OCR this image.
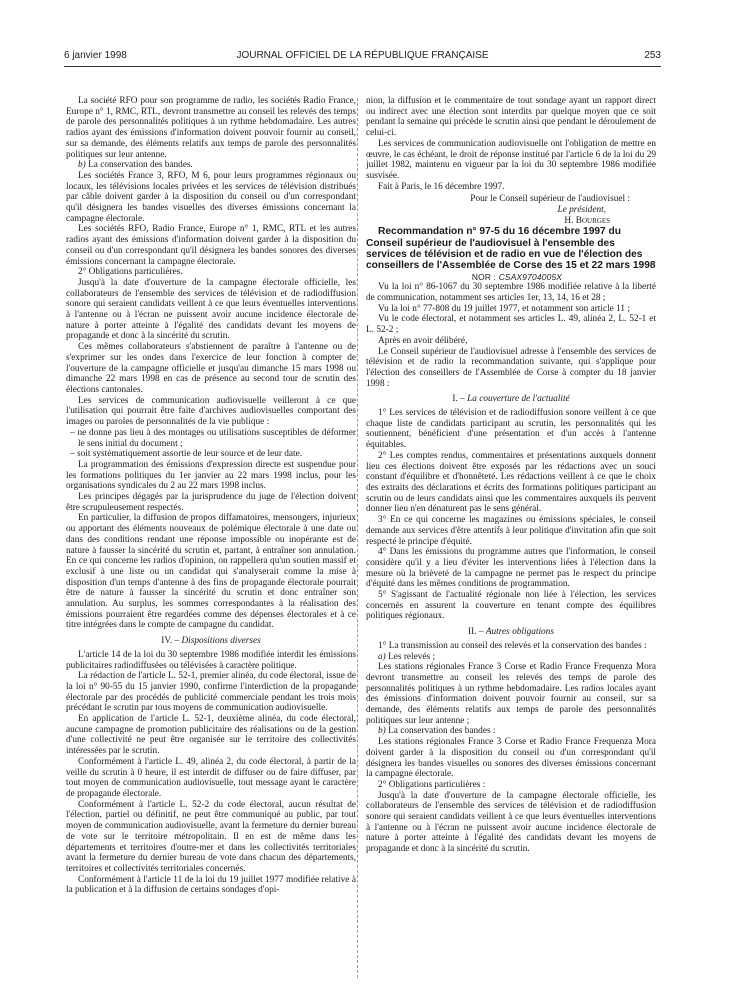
6 janvier 1998	JOURNAL OFFICIEL DE LA RÉPUBLIQUE FRANÇAISE	253

La société RFO pour son programme de radio, les sociétés Radio France, Europe n° 1, RMC, RTL, devront transmettre au conseil les relevés des temps de parole des personnalités politiques à un rythme hebdomadaire. Les autres radios ayant des émissions d'information doivent pouvoir fournir au conseil, sur sa demande, des éléments relatifs aux temps de parole des personnalités politiques sur leur antenne.

b) La conservation des bandes.

Les sociétés France 3, RFO, M 6, pour leurs programmes régionaux ou locaux, les télévisions locales privées et les services de télévision distribués par câble doivent garder à la disposition du conseil ou d'un correspondant qu'il désignera les bandes visuelles des diverses émissions concernant la campagne électorale.

Les sociétés RFO, Radio France, Europe n° 1, RMC, RTL et les autres radios ayant des émissions d'information doivent garder à la disposition du conseil ou d'un correspondant qu'il désignera les bandes sonores des diverses émissions concernant la campagne électorale.

2° Obligations particulières.

Jusqu'à la date d'ouverture de la campagne électorale officielle, les collaborateurs de l'ensemble des services de télévision et de radiodiffusion sonore qui seraient candidats veillent à ce que leurs éventuelles interventions à l'antenne ou à l'écran ne puissent avoir aucune incidence électorale de nature à porter atteinte à l'égalité des candidats devant les moyens de propagande et donc à la sincérité du scrutin.

Ces mêmes collaborateurs s'abstiennent de paraître à l'antenne ou de s'exprimer sur les ondes dans l'exercice de leur fonction à compter de l'ouverture de la campagne officielle et jusqu'au dimanche 15 mars 1998 ou dimanche 22 mars 1998 en cas de présence au second tour de scrutin des élections cantonales.

Les services de communication audiovisuelle veilleront à ce que l'utilisation qui pourrait être faite d'archives audiovisuelles comportant des images ou paroles de personnalités de la vie publique :

– ne donne pas lieu à des montages ou utilisations susceptibles de déformer le sens initial du document ;

– soit systématiquement assortie de leur source et de leur date.

La programmation des émissions d'expression directe est suspendue pour les formations politiques du 1er janvier au 22 mars 1998 inclus, pour les organisations syndicales du 2 au 22 mars 1998 inclus.

Les principes dégagés par la jurisprudence du juge de l'élection doivent être scrupuleusement respectés.

En particulier, la diffusion de propos diffamatoires, mensongers, injurieux ou apportant des éléments nouveaux de polémique électorale à une date ou dans des conditions rendant une réponse impossible ou inopérante est de nature à fausser la sincérité du scrutin et, partant, à entraîner son annulation. En ce qui concerne les radios d'opinion, on rappellera qu'un soutien massif et exclusif à une liste ou un candidat qui s'analyserait comme la mise à disposition d'un temps d'antenne à des fins de propagande électorale pourrait être de nature à fausser la sincérité du scrutin et donc entraîner son annulation. Au surplus, les sommes correspondantes à la réalisation des émissions pourraient être regardées comme des dépenses électorales et à ce titre intégrées dans le compte de campagne du candidat.

IV. – Dispositions diverses

L'article 14 de la loi du 30 septembre 1986 modifiée interdit les émissions publicitaires radiodiffusées ou télévisées à caractère politique.

La rédaction de l'article L. 52-1, premier alinéa, du code électoral, issue de la loi n° 90-55 du 15 janvier 1990, confirme l'interdiction de la propagande électorale par des procédés de publicité commerciale pendant les trois mois précédant le scrutin par tous moyens de communication audiovisuelle.

En application de l'article L. 52-1, deuxième alinéa, du code électoral, aucune campagne de promotion publicitaire des réalisations ou de la gestion d'une collectivité ne peut être organisée sur le territoire des collectivités intéressées par le scrutin.

Conformément à l'article L. 49, alinéa 2, du code électoral, à partir de la veille du scrutin à 0 heure, il est interdit de diffuser ou de faire diffuser, par tout moyen de communication audiovisuelle, tout message ayant le caractère de propagande électorale.

Conformément à l'article L. 52-2 du code électoral, aucun résultat de l'élection, partiel ou définitif, ne peut être communiqué au public, par tout moyen de communication audiovisuelle, avant la fermeture du dernier bureau de vote sur le territoire métropolitain. Il en est de même dans les départements et territoires d'outre-mer et dans les collectivités territoriales avant la fermeture du dernier bureau de vote dans chacun des départements, territoires et collectivités territoriales concernés.

Conformément à l'article 11 de la loi du 19 juillet 1977 modifiée relative à la publication et à la diffusion de certains sondages d'opi-

nion, la diffusion et le commentaire de tout sondage ayant un rapport direct ou indirect avec une élection sont interdits par quelque moyen que ce soit pendant la semaine qui précède le scrutin ainsi que pendant le déroulement de celui-ci.

Les services de communication audiovisuelle ont l'obligation de mettre en œuvre, le cas échéant, le droit de réponse institué par l'article 6 de la loi du 29 juillet 1982, maintenu en vigueur par la loi du 30 septembre 1986 modifiée susvisée.

Fait à Paris, le 16 décembre 1997.

Pour le Conseil supérieur de l'audiovisuel :

Le président,

H. Bourges

Recommandation n° 97-5 du 16 décembre 1997 du Conseil supérieur de l'audiovisuel à l'ensemble des services de télévision et de radio en vue de l'élection des conseillers de l'Assemblée de Corse des 15 et 22 mars 1998

NOR : CSAX9704005X

Vu la loi n° 86-1067 du 30 septembre 1986 modifiée relative à la liberté de communication, notamment ses articles 1er, 13, 14, 16 et 28 ;

Vu la loi n° 77-808 du 19 juillet 1977, et notamment son article 11 ;

Vu le code électoral, et notamment ses articles L. 49, alinéa 2, L. 52-1 et L. 52-2 ;

Après en avoir délibéré,

Le Conseil supérieur de l'audiovisuel adresse à l'ensemble des services de télévision et de radio la recommandation suivante, qui s'applique pour l'élection des conseillers de l'Assemblée de Corse à compter du 18 janvier 1998 :

I. – La couverture de l'actualité

1° Les services de télévision et de radiodiffusion sonore veillent à ce que chaque liste de candidats participant au scrutin, les personnalités qui les soutiennent, bénéficient d'une présentation et d'un accès à l'antenne équitables.

2° Les comptes rendus, commentaires et présentations auxquels donnent lieu ces élections doivent être exposés par les rédactions avec un souci constant d'équilibre et d'honnêteté. Les rédactions veillent à ce que le choix des extraits des déclarations et écrits des formations politiques participant au scrutin ou de leurs candidats ainsi que les commentaires auxquels ils peuvent donner lieu n'en dénaturent pas le sens général.

3° En ce qui concerne les magazines ou émissions spéciales, le conseil demande aux services d'être attentifs à leur politique d'invitation afin que soit respecté le principe d'équité.

4° Dans les émissions du programme autres que l'information, le conseil considère qu'il y a lieu d'éviter les interventions liées à l'élection dans la mesure où la brièveté de la campagne ne permet pas le respect du principe d'équité dans les mêmes conditions de programmation.

5° S'agissant de l'actualité régionale non liée à l'élection, les services concernés en assurent la couverture en tenant compte des équilibres politiques régionaux.

II. – Autres obligations

1° La transmission au conseil des relevés et la conservation des bandes :

a) Les relevés ;

Les stations régionales France 3 Corse et Radio France Frequenza Mora devront transmettre au conseil les relevés des temps de parole des personnalités politiques à un rythme hebdomadaire. Les radios locales ayant des émissions d'information doivent pouvoir fournir au conseil, sur sa demande, des éléments relatifs aux temps de parole des personnalités politiques sur leur antenne ;

b) La conservation des bandes :

Les stations régionales France 3 Corse et Radio France Frequenza Mora doivent garder à la disposition du conseil ou d'un correspondant qu'il désignera les bandes visuelles ou sonores des diverses émissions concernant la campagne électorale.

2° Obligations particulières :

Jusqu'à la date d'ouverture de la campagne électorale officielle, les collaborateurs de l'ensemble des services de télévision et de radiodiffusion sonore qui seraient candidats veillent à ce que leurs éventuelles interventions à l'antenne ou à l'écran ne puissent avoir aucune incidence électorale de nature à porter atteinte à l'égalité des candidats devant les moyens de propagande et donc à la sincérité du scrutin.
